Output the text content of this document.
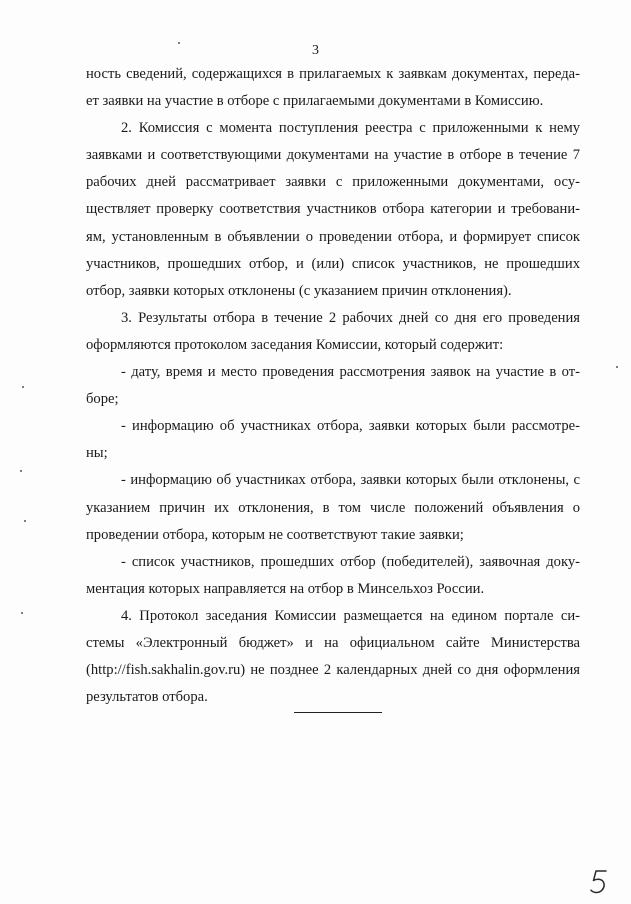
3

ность сведений, содержащихся в прилагаемых к заявкам документах, переда-ет заявки на участие в отборе с прилагаемыми документами в Комиссию.

2. Комиссия с момента поступления реестра с приложенными к нему заявками и соответствующими документами на участие в отборе в течение 7 рабочих дней рассматривает заявки с приложенными документами, осу-ществляет проверку соответствия участников отбора категории и требовани-ям, установленным в объявлении о проведении отбора, и формирует список участников, прошедших отбор, и (или) список участников, не прошедших отбор, заявки которых отклонены (с указанием причин отклонения).

3. Результаты отбора в течение 2 рабочих дней со дня его проведения оформляются протоколом заседания Комиссии, который содержит:

- дату, время и место проведения рассмотрения заявок на участие в от-боре;

- информацию об участниках отбора, заявки которых были рассмотре-ны;

- информацию об участниках отбора, заявки которых были отклонены, с указанием причин их отклонения, в том числе положений объявления о проведении отбора, которым не соответствуют такие заявки;

- список участников, прошедших отбор (победителей), заявочная доку-ментация которых направляется на отбор в Минсельхоз России.

4. Протокол заседания Комиссии размещается на едином портале си-стемы «Электронный бюджет» и на официальном сайте Министерства (http://fish.sakhalin.gov.ru) не позднее 2 календарных дней со дня оформления результатов отбора.
